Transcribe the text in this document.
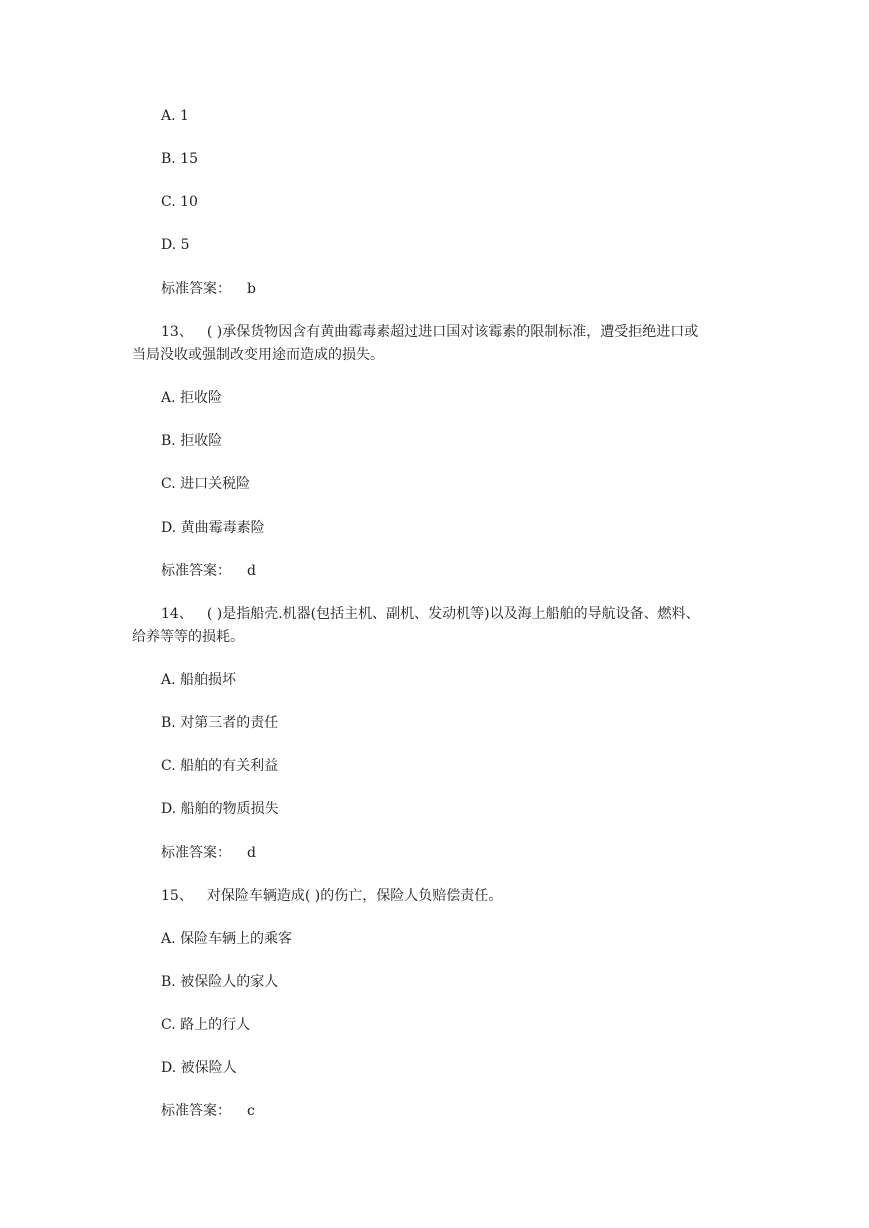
A. 1

B. 15

C. 10

D. 5

标准答案： b

13、 ( )承保货物因含有黄曲霉毒素超过进口国对该霉素的限制标准，遭受拒绝进口或

当局没收或强制改变用途而造成的损失。

A. 拒收险

B. 拒收险

C. 进口关税险

D. 黄曲霉毒素险

标准答案： d

14、 ( )是指船壳.机器(包括主机、副机、发动机等)以及海上船舶的导航设备、燃料、

给养等等的损耗。

A. 船舶损坏

B. 对第三者的责任

C. 船舶的有关利益

D. 船舶的物质损失

标准答案： d

15、 对保险车辆造成( )的伤亡，保险人负赔偿责任。

A. 保险车辆上的乘客

B. 被保险人的家人

C. 路上的行人

D. 被保险人

标准答案： c
